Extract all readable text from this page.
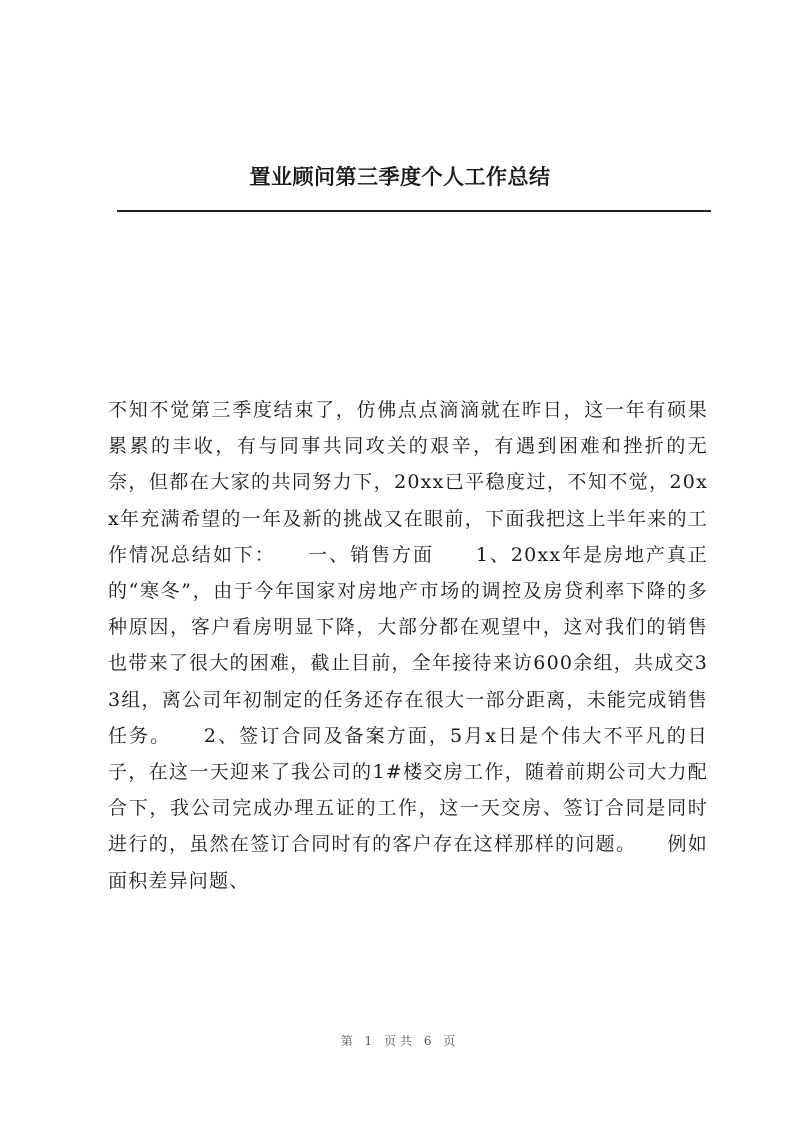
置业顾问第三季度个人工作总结

不知不觉第三季度结束了，仿佛点点滴滴就在昨日，这一年有硕果累累的丰收，有与同事共同攻关的艰辛，有遇到困难和挫折的无奈，但都在大家的共同努力下，20xx已平稳度过，不知不觉，20xx年充满希望的一年及新的挑战又在眼前，下面我把这上半年来的工作情况总结如下：　　一、销售方面　　1、20xx年是房地产真正的“寒冬”，由于今年国家对房地产市场的调控及房贷利率下降的多种原因，客户看房明显下降，大部分都在观望中，这对我们的销售也带来了很大的困难，截止目前，全年接待来访600余组，共成交33组，离公司年初制定的任务还存在很大一部分距离，未能完成销售任务。　　2、签订合同及备案方面，5月x日是个伟大不平凡的日子，在这一天迎来了我公司的1#楼交房工作，随着前期公司大力配合下，我公司完成办理五证的工作，这一天交房、签订合同是同时进行的，虽然在签订合同时有的客户存在这样那样的问题。　　例如面积差异问题、

第 1 页共 6 页
